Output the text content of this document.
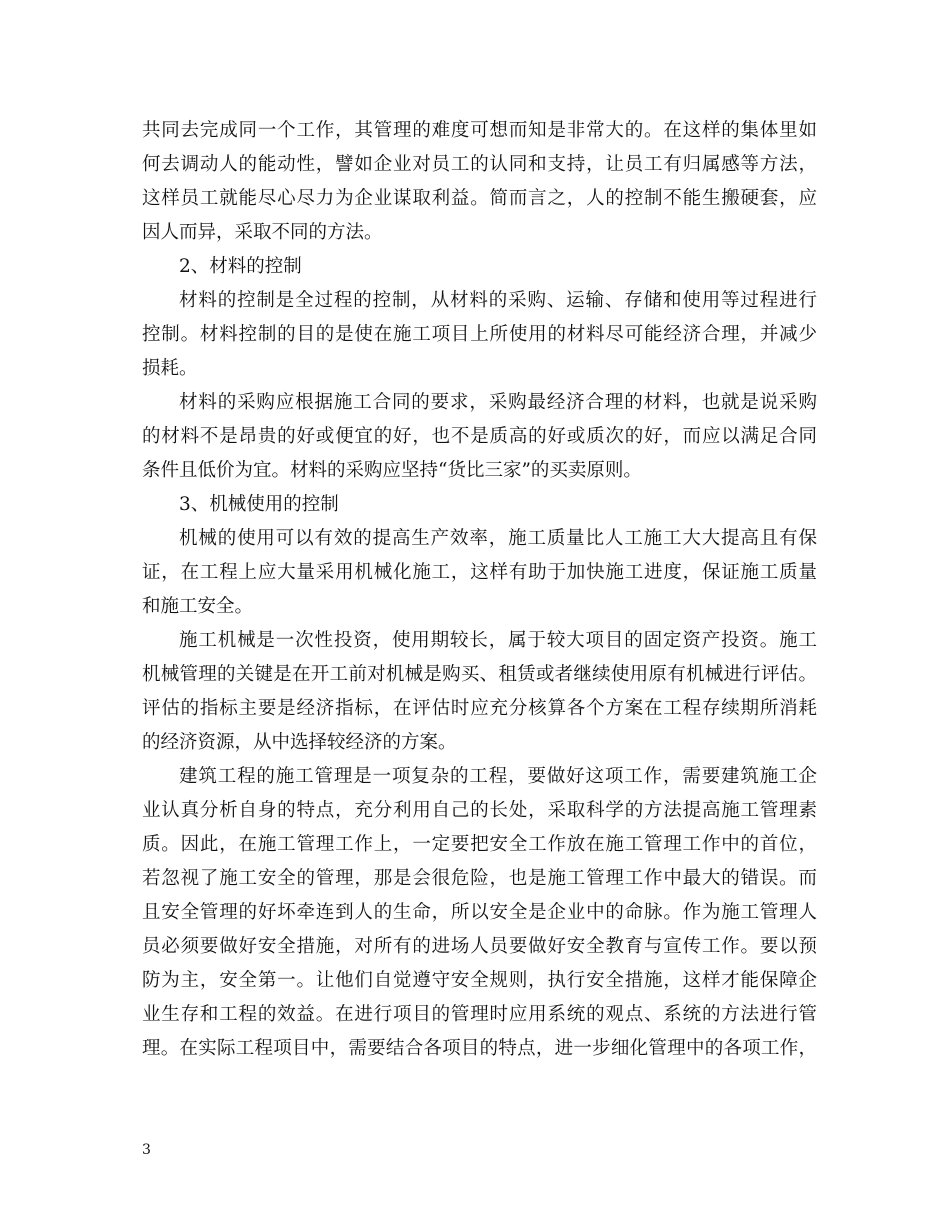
共同去完成同一个工作，其管理的难度可想而知是非常大的。在这样的集体里如
何去调动人的能动性，譬如企业对员工的认同和支持，让员工有归属感等方法，
这样员工就能尽心尽力为企业谋取利益。简而言之，人的控制不能生搬硬套，应
因人而异，采取不同的方法。
2、材料的控制
材料的控制是全过程的控制，从材料的采购、运输、存储和使用等过程进行
控制。材料控制的目的是使在施工项目上所使用的材料尽可能经济合理，并减少
损耗。
材料的采购应根据施工合同的要求，采购最经济合理的材料，也就是说采购
的材料不是昂贵的好或便宜的好，也不是质高的好或质次的好，而应以满足合同
条件且低价为宜。材料的采购应坚持“货比三家”的买卖原则。
3、机械使用的控制
机械的使用可以有效的提高生产效率，施工质量比人工施工大大提高且有保
证，在工程上应大量采用机械化施工，这样有助于加快施工进度，保证施工质量
和施工安全。
施工机械是一次性投资，使用期较长，属于较大项目的固定资产投资。施工
机械管理的关键是在开工前对机械是购买、租赁或者继续使用原有机械进行评估。
评估的指标主要是经济指标，在评估时应充分核算各个方案在工程存续期所消耗
的经济资源，从中选择较经济的方案。
建筑工程的施工管理是一项复杂的工程，要做好这项工作，需要建筑施工企
业认真分析自身的特点，充分利用自己的长处，采取科学的方法提高施工管理素
质。因此，在施工管理工作上，一定要把安全工作放在施工管理工作中的首位，
若忽视了施工安全的管理，那是会很危险，也是施工管理工作中最大的错误。而
且安全管理的好坏牵连到人的生命，所以安全是企业中的命脉。作为施工管理人
员必须要做好安全措施，对所有的进场人员要做好安全教育与宣传工作。要以预
防为主，安全第一。让他们自觉遵守安全规则，执行安全措施，这样才能保障企
业生存和工程的效益。在进行项目的管理时应用系统的观点、系统的方法进行管
理。在实际工程项目中，需要结合各项目的特点，进一步细化管理中的各项工作，
3
